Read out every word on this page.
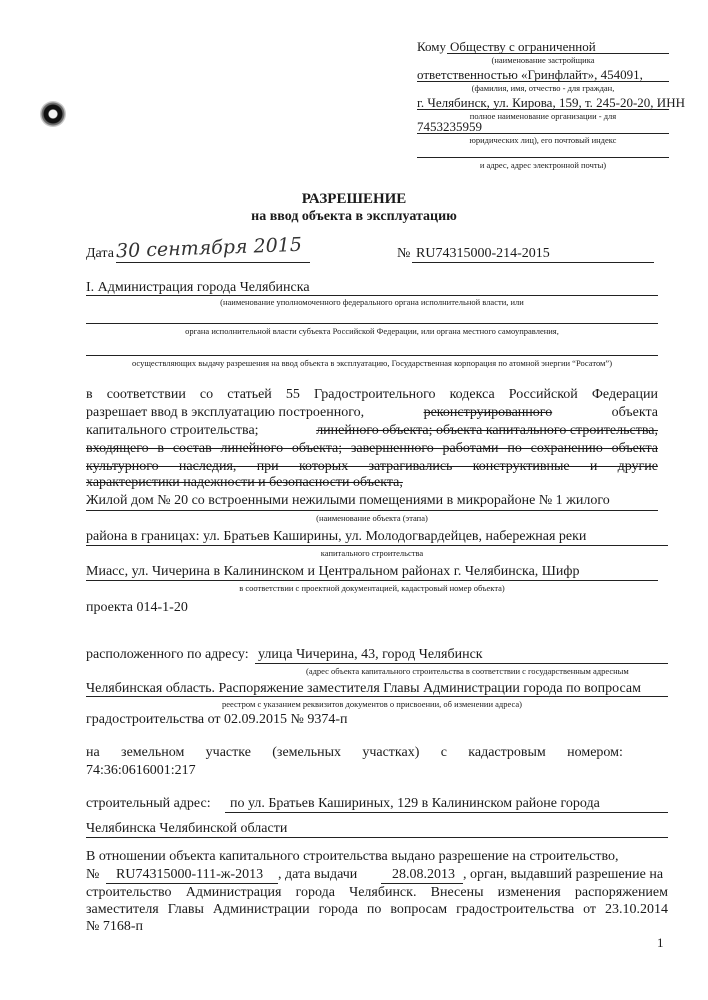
Кому Обществу с ограниченной
(наименование застройщика
ответственностью «Гринфлайт», 454091,
(фамилия, имя, отчество - для граждан,
г. Челябинск, ул. Кирова, 159, т. 245-20-20, ИНН
полное наименование организации - для
7453235959
юридических лиц), его почтовый индекс
и адрес, адрес электронной почты)
РАЗРЕШЕНИЕ
на ввод объекта в эксплуатацию
Дата 30 сентября 2015	№ RU74315000-214-2015
I. Администрация города Челябинска
(наименование уполномоченного федерального органа исполнительной власти, или
органа исполнительной власти субъекта Российской Федерации, или органа местного самоуправления,
осуществляющих выдачу разрешения на ввод объекта в эксплуатацию, Государственная корпорация по атомной энергии “Росатом”)
в соответствии со статьей 55 Градостроительного кодекса Российской Федерации
разрешает ввод в эксплуатацию построенного,	реконструированного	объекта
капитального строительства;	линейного объекта; объекта капитального строительства,
входящего в состав линейного объекта; завершенного работами по сохранению объекта
культурного наследия, при которых затрагивались конструктивные и другие
характеристики надежности и безопасности объекта,
Жилой дом № 20 со встроенными нежилыми помещениями в микрорайоне № 1 жилого
(наименование объекта (этапа)
района в границах: ул. Братьев Каширины, ул. Молодогвардейцев, набережная реки
капитального строительства
Миасс, ул. Чичерина в Калининском и Центральном районах г. Челябинска, Шифр
в соответствии с проектной документацией, кадастровый номер объекта)
проекта 014-1-20
расположенного по адресу: улица Чичерина, 43, город Челябинск
(адрес объекта капитального строительства в соответствии с государственным адресным
Челябинская область. Распоряжение заместителя Главы Администрации города по вопросам
реестром с указанием реквизитов документов о присвоении, об изменении адреса)
градостроительства от 02.09.2015 № 9374-п
на земельном участке (земельных участках) с кадастровым номером:
74:36:0616001:217
строительный адрес: по ул. Братьев Кашириных, 129 в Калининском районе города
Челябинска Челябинской области
В отношении объекта капитального строительства выдано разрешение на строительство,
№ RU74315000-111-ж-2013 , дата выдачи 28.08.2013 , орган, выдавший разрешение на
строительство Администрация города Челябинск. Внесены изменения распоряжением
заместителя Главы Администрации города по вопросам градостроительства от 23.10.2014
№ 7168-п
1
